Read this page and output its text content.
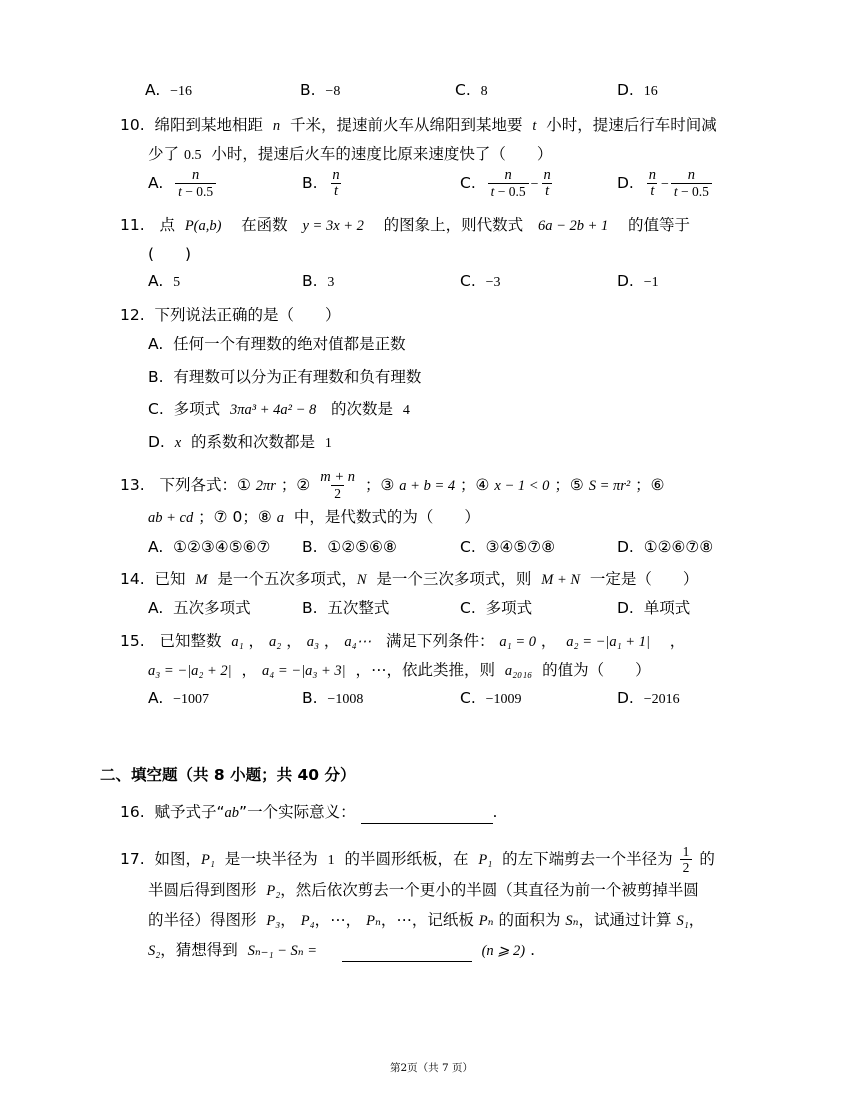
A. −16	B. −8	C. 8	D. 16
10. 绵阳到某地相距 n 千米，提速前火车从绵阳到某地要 t 小时，提速后行车时间减
少了 0.5 小时，提速后火车的速度比原来速度快了（　　）
A. $\frac{n}{t - 0.5}$	B. $\frac{n}{t}$	C. $\frac{n}{t - 0.5} - \frac{n}{t}$	D. $\frac{n}{t} - \frac{n}{t - 0.5}$
11. 点 P(a,b) 在函数 y = 3x + 2 的图象上，则代数式 6a − 2b + 1 的值等于
(　　)
A. 5	B. 3	C. −3	D. −1
12. 下列说法正确的是（　　）
A. 任何一个有理数的绝对值都是正数
B. 有理数可以分为正有理数和负有理数
C. 多项式 3πa³ + 4a² − 8 的次数是 4
D. x 的系数和次数都是 1
13. 下列各式：① 2πr ；② $\frac{m + n}{2}$ ；③ a + b = 4 ；④ x − 1 < 0 ；⑤ S = πr² ；⑥
ab + cd ；⑦ 0；⑧ a 中，是代数式的为（　　）
A. ①②③④⑤⑥⑦ B. ①②⑤⑥⑧	C. ③④⑤⑦⑧	D. ①②⑥⑦⑧
14. 已知 M 是一个五次多项式，N 是一个三次多项式，则 M + N 一定是（　　）
A. 五次多项式	B. 五次整式	C. 多项式	D. 单项式
15. 已知整数 a₁ ， a₂ ， a₃ ， a₄⋯ 满足下列条件： a₁ = 0 ， a₂ = −|a₁ + 1| ，
a₃ = −|a₂ + 2| ， a₄ = −|a₃ + 3| ，⋯，依此类推，则 a₂₀₁₆ 的值为（　　）
A. −1007	B. −1008	C. −1009	D. −2016
二、填空题（共 8 小题；共 40 分）
16. 赋予式子“ab”一个实际意义：	.
17. 如图，P₁ 是一块半径为 1 的半圆形纸板，在 P₁ 的左下端剪去一个半径为 $\frac{1}{2}$ 的
半圆后得到图形 P₂，然后依次剪去一个更小的半圆（其直径为前一个被剪掉半圆
的半径）得图形 P₃， P₄，⋯， Pₙ，⋯，记纸板 Pₙ 的面积为 Sₙ，试通过计算 S₁，
S₂，猜想得到 Sₙ₋₁ − Sₙ =	(n ⩾ 2) .
第2页（共 7 页）
